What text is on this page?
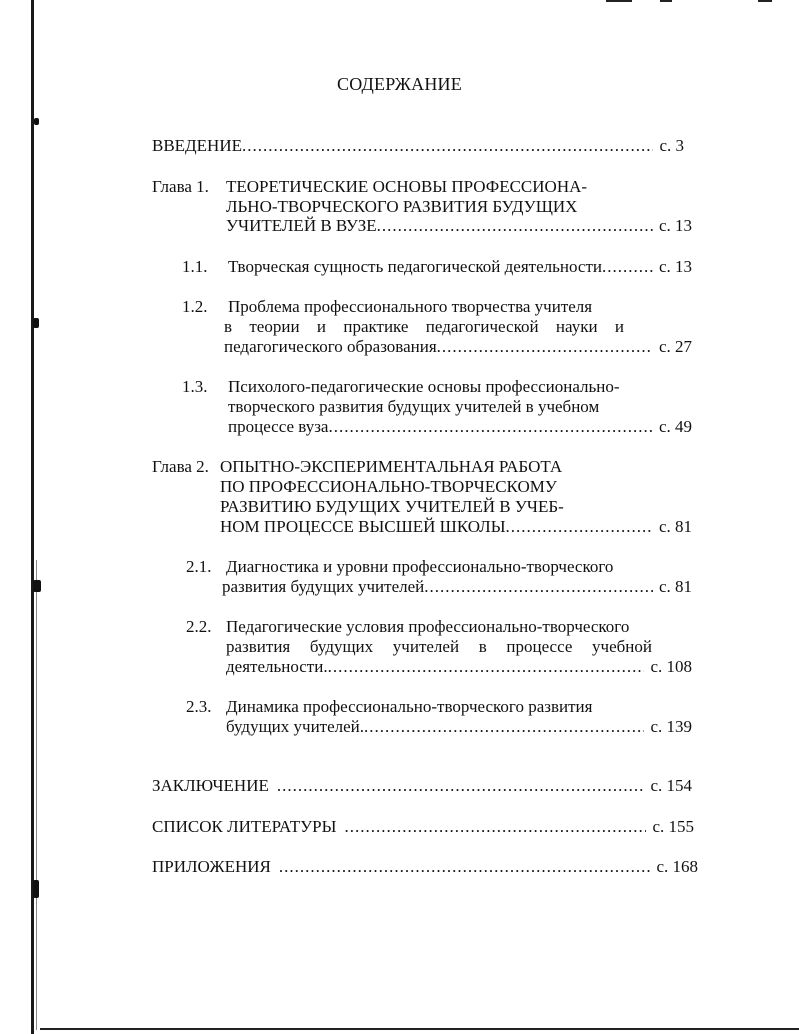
СОДЕРЖАНИЕ
ВВЕДЕНИЕ .....	с. 3
Глава 1. ТЕОРЕТИЧЕСКИЕ ОСНОВЫ ПРОФЕССИОНА-
ЛЬНО-ТВОРЧЕСКОГО РАЗВИТИЯ БУДУЩИХ
УЧИТЕЛЕЙ В ВУЗЕ .....	с. 13
1.1. Творческая сущность педагогической деятельности .....	с. 13
1.2. Проблема профессионального творчества учителя
в теории и практике педагогической науки и
педагогического образования .....	с. 27
1.3. Психолого-педагогические основы профессионально-
творческого развития будущих учителей в учебном
процессе вуза .....	с. 49
Глава 2. ОПЫТНО-ЭКСПЕРИМЕНТАЛЬНАЯ РАБОТА
ПО ПРОФЕССИОНАЛЬНО-ТВОРЧЕСКОМУ
РАЗВИТИЮ БУДУЩИХ УЧИТЕЛЕЙ В УЧЕБ-
НОМ ПРОЦЕССЕ ВЫСШЕЙ ШКОЛЫ .....	с. 81
2.1. Диагностика и уровни профессионально-творческого
развития будущих учителей .....	с. 81
2.2. Педагогические условия профессионально-творческого
развития будущих учителей в процессе учебной
деятельности. .....	с. 108
2.3. Динамика профессионально-творческого развития
будущих учителей. .....	с. 139
ЗАКЛЮЧЕНИЕ .....	с. 154
СПИСОК ЛИТЕРАТУРЫ .....	с. 155
ПРИЛОЖЕНИЯ .....	с. 168
